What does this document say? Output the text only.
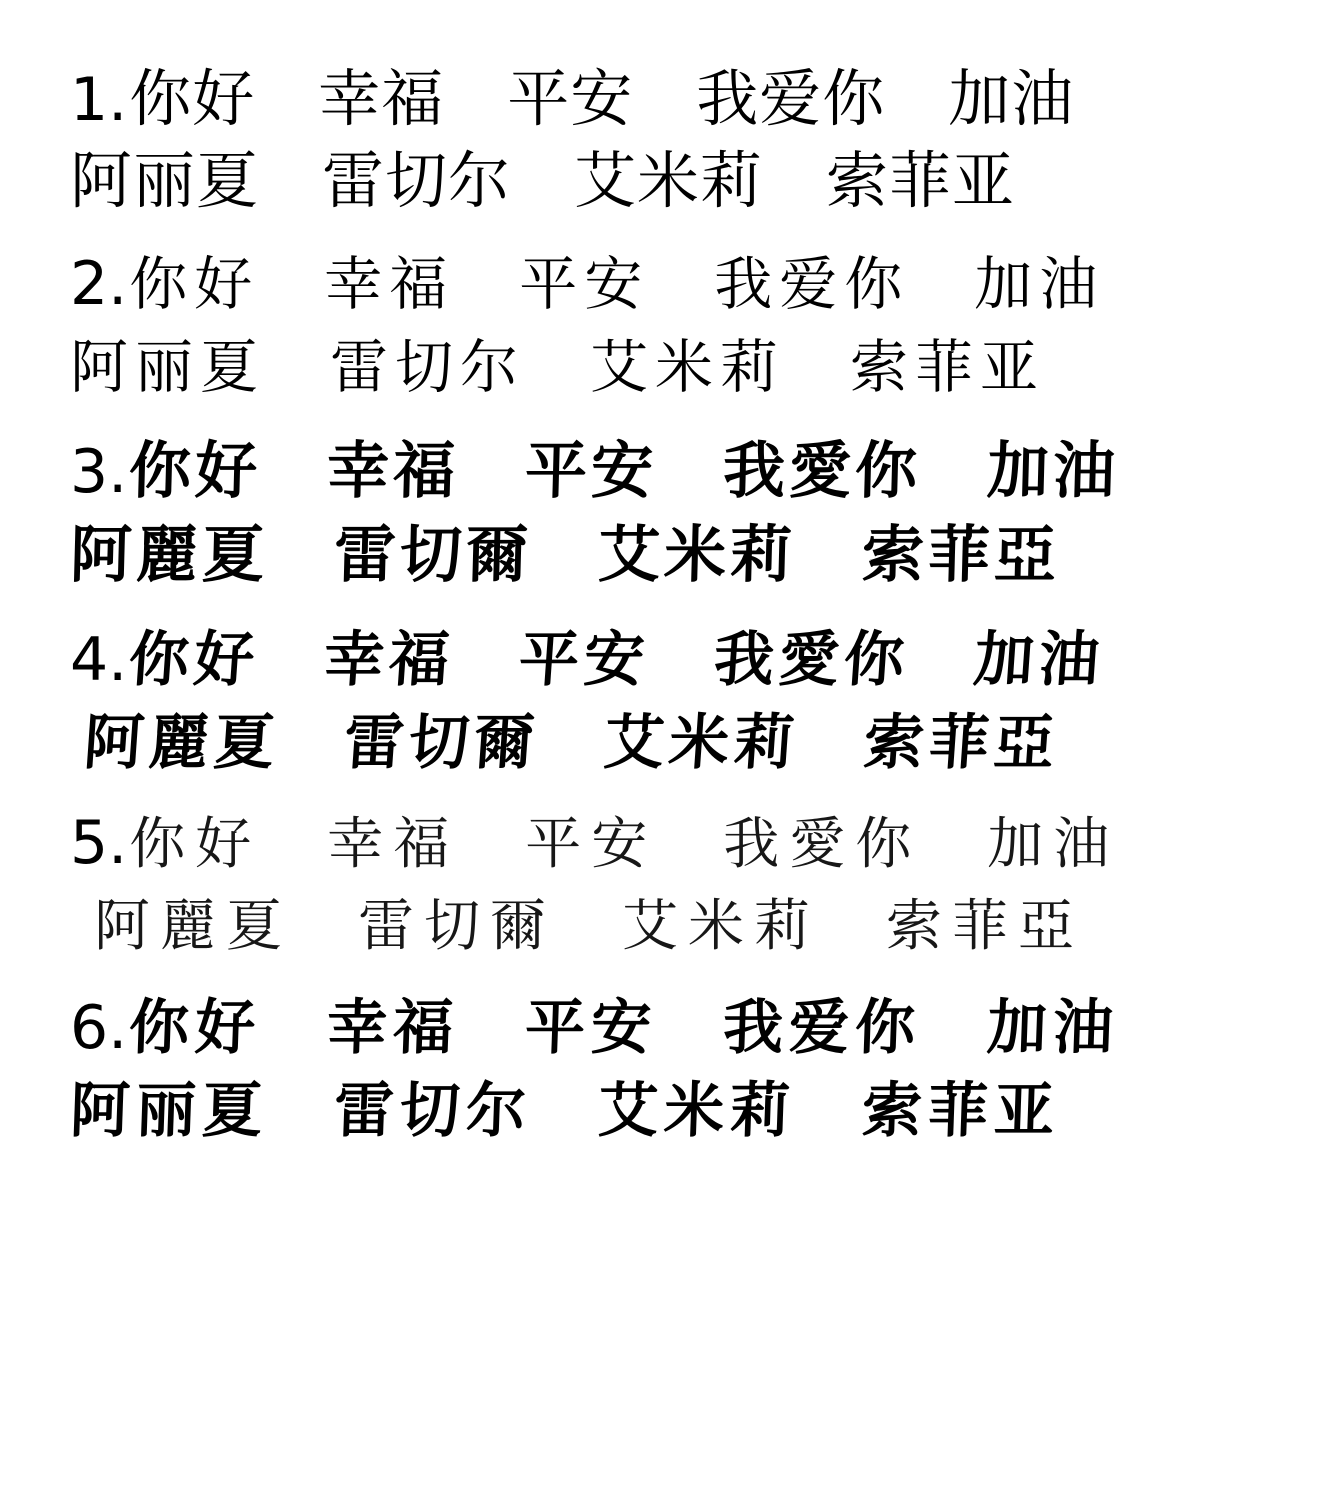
1. 你好　幸福　平安　我爱你　加油
阿丽夏　雷切尔　艾米莉　索菲亚
2. 你好　幸福　平安　我爱你　加油
阿丽夏　雷切尔　艾米莉　索菲亚
3. 你好　幸福　平安　我愛你　加油
阿麗夏　雷切爾　艾米莉　索菲亞
4. 你好　幸福　平安　我愛你　加油
阿麗夏　雷切爾　艾米莉　索菲亞
5. 你好　幸福　平安　我愛你　加油
阿麗夏　雷切爾　艾米莉　索菲亞
6. 你好　幸福　平安　我爱你　加油
阿丽夏　雷切尔　艾米莉　索菲亚
